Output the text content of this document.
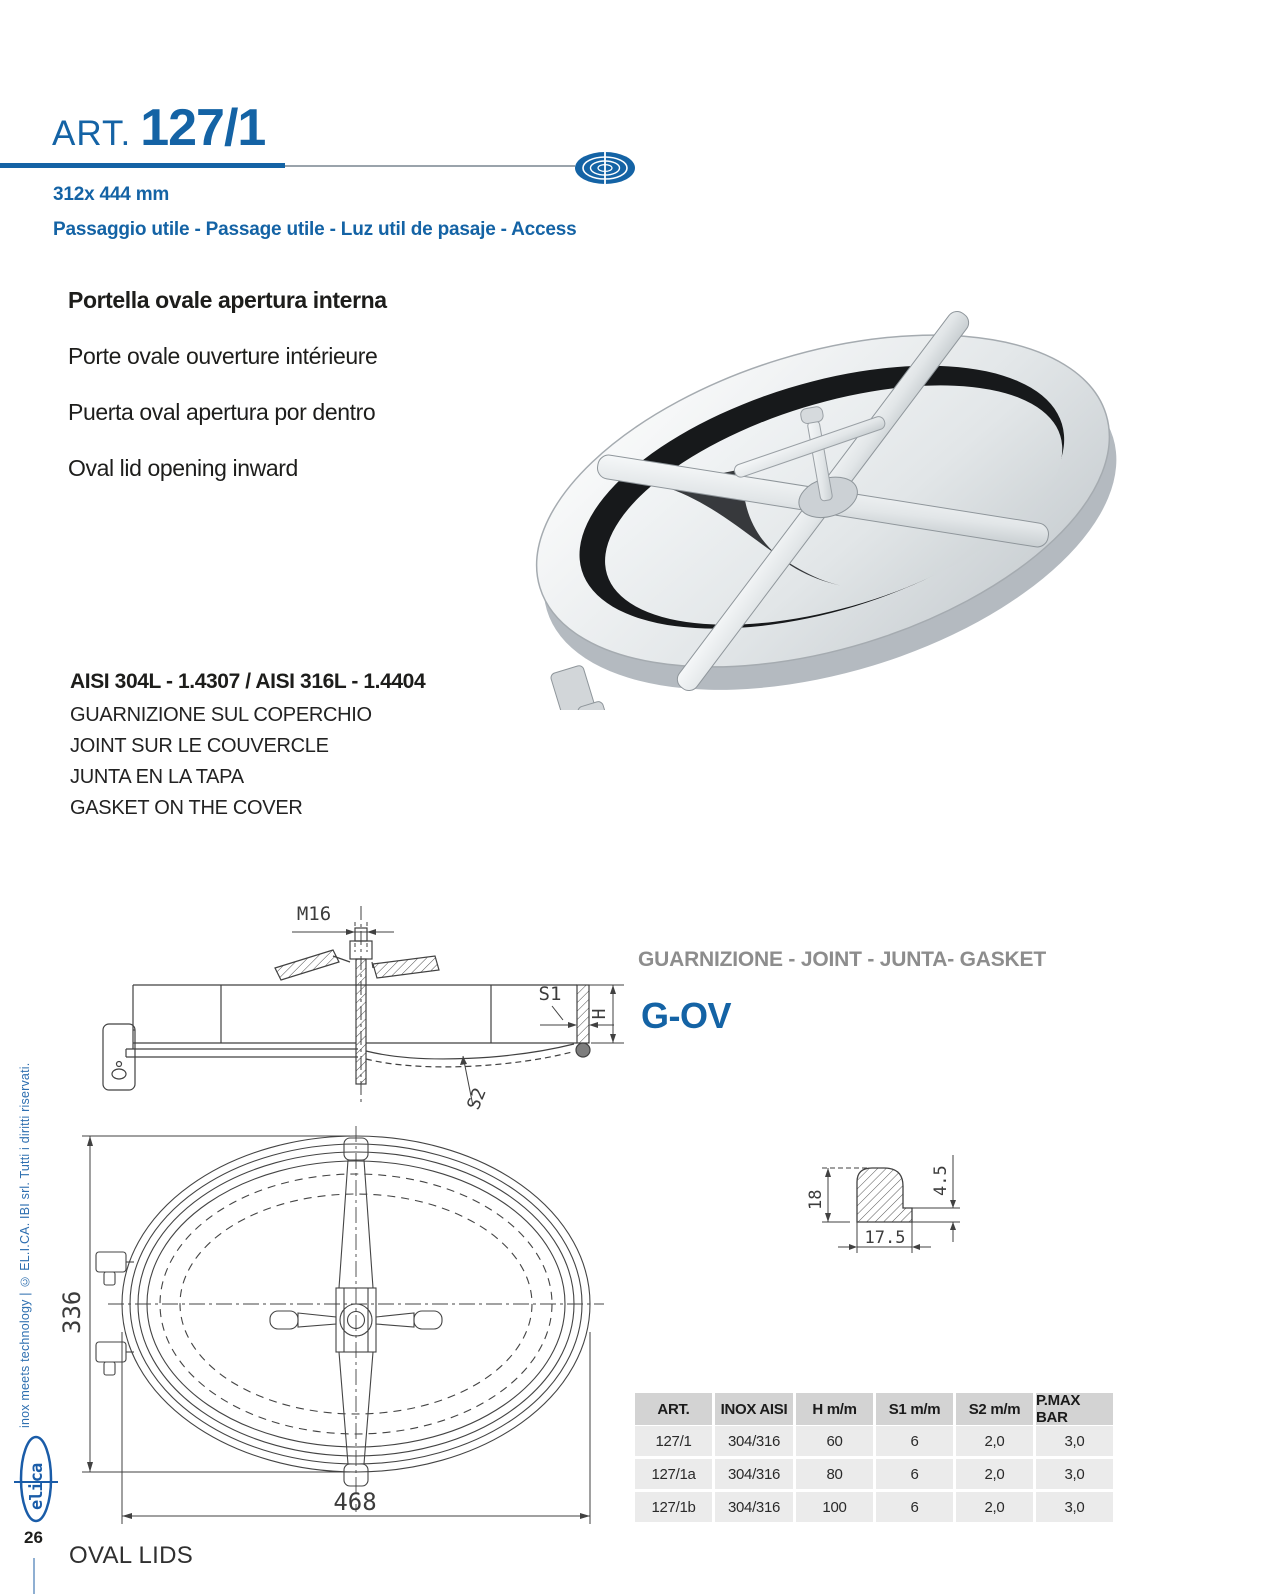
ART. 127/1
312x 444 mm
Passaggio utile - Passage utile - Luz util de pasaje - Access
Portella ovale apertura interna
Porte ovale ouverture intérieure
Puerta oval apertura por dentro
Oval lid opening inward
AISI 304L - 1.4307 / AISI 316L - 1.4404
GUARNIZIONE SUL COPERCHIO
JOINT SUR LE COUVERCLE
JUNTA EN LA TAPA
GASKET ON THE COVER
M16
S1
H
S2
GUARNIZIONE - JOINT - JUNTA- GASKET
G-OV
18
4.5
17.5
336
468
ART.	INOX AISI	H m/m	S1 m/m	S2 m/m	P.MAX BAR
127/1	304/316	60	6	2,0	3,0
127/1a	304/316	80	6	2,0	3,0
127/1b	304/316	100	6	2,0	3,0
inox meets technology | © EL.I.CA. IBI srl. Tutti i diritti riservati.
elica
26
OVAL LIDS
